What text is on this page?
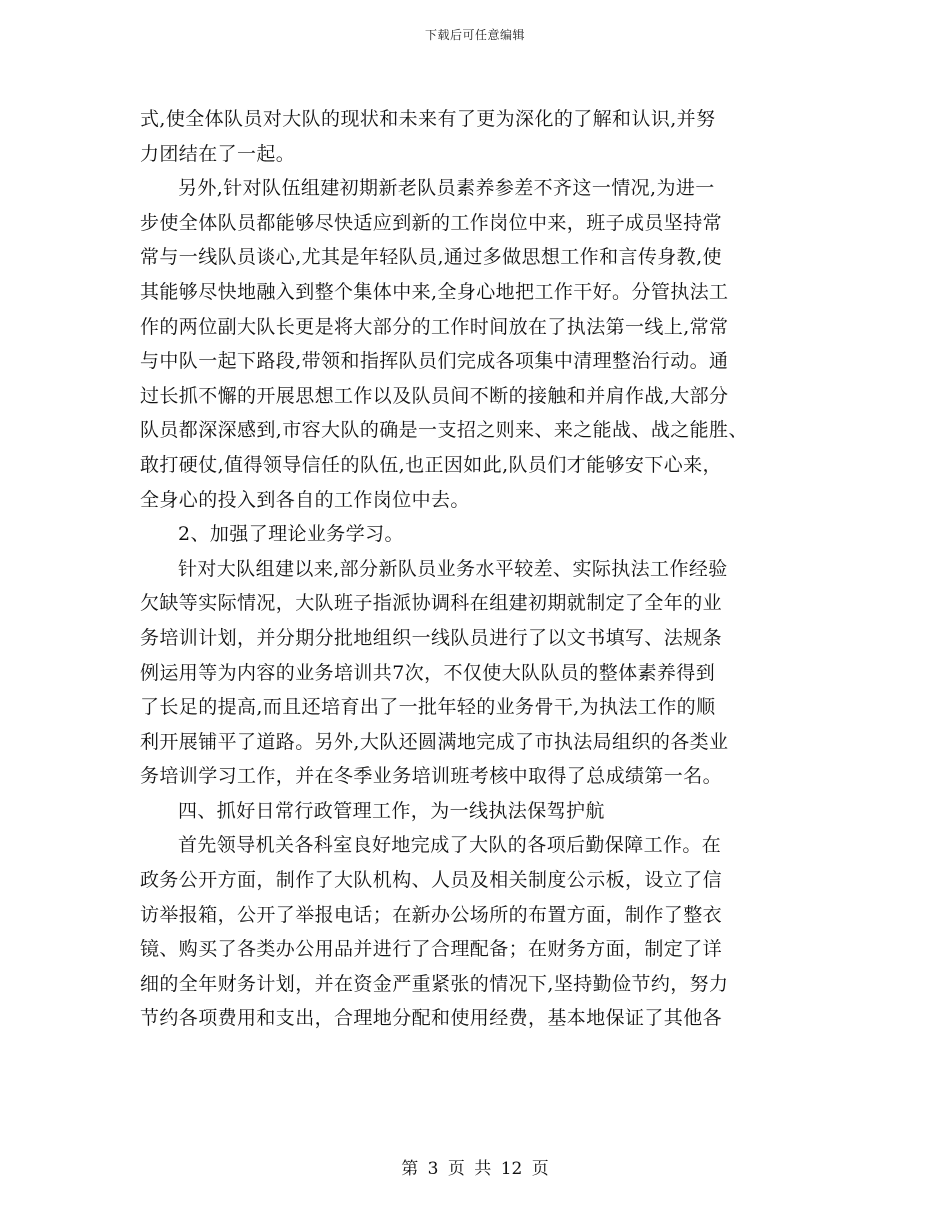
下载后可任意编辑
式,使全体队员对大队的现状和未来有了更为深化的了解和认识,并努
力团结在了一起。
另外,针对队伍组建初期新老队员素养参差不齐这一情况,为进一
步使全体队员都能够尽快适应到新的工作岗位中来，班子成员坚持常
常与一线队员谈心,尤其是年轻队员,通过多做思想工作和言传身教,使
其能够尽快地融入到整个集体中来,全身心地把工作干好。分管执法工
作的两位副大队长更是将大部分的工作时间放在了执法第一线上,常常
与中队一起下路段,带领和指挥队员们完成各项集中清理整治行动。通
过长抓不懈的开展思想工作以及队员间不断的接触和并肩作战,大部分
队员都深深感到,市容大队的确是一支招之则来、来之能战、战之能胜、
敢打硬仗,值得领导信任的队伍,也正因如此,队员们才能够安下心来，
全身心的投入到各自的工作岗位中去。
2、加强了理论业务学习。
针对大队组建以来,部分新队员业务水平较差、实际执法工作经验
欠缺等实际情况，大队班子指派协调科在组建初期就制定了全年的业
务培训计划，并分期分批地组织一线队员进行了以文书填写、法规条
例运用等为内容的业务培训共7次，不仅使大队队员的整体素养得到
了长足的提高,而且还培育出了一批年轻的业务骨干,为执法工作的顺
利开展铺平了道路。另外,大队还圆满地完成了市执法局组织的各类业
务培训学习工作，并在冬季业务培训班考核中取得了总成绩第一名。
四、抓好日常行政管理工作，为一线执法保驾护航
首先领导机关各科室良好地完成了大队的各项后勤保障工作。在
政务公开方面，制作了大队机构、人员及相关制度公示板，设立了信
访举报箱，公开了举报电话；在新办公场所的布置方面，制作了整衣
镜、购买了各类办公用品并进行了合理配备；在财务方面，制定了详
细的全年财务计划，并在资金严重紧张的情况下,坚持勤俭节约，努力
节约各项费用和支出，合理地分配和使用经费，基本地保证了其他各
第 3 页 共 12 页
